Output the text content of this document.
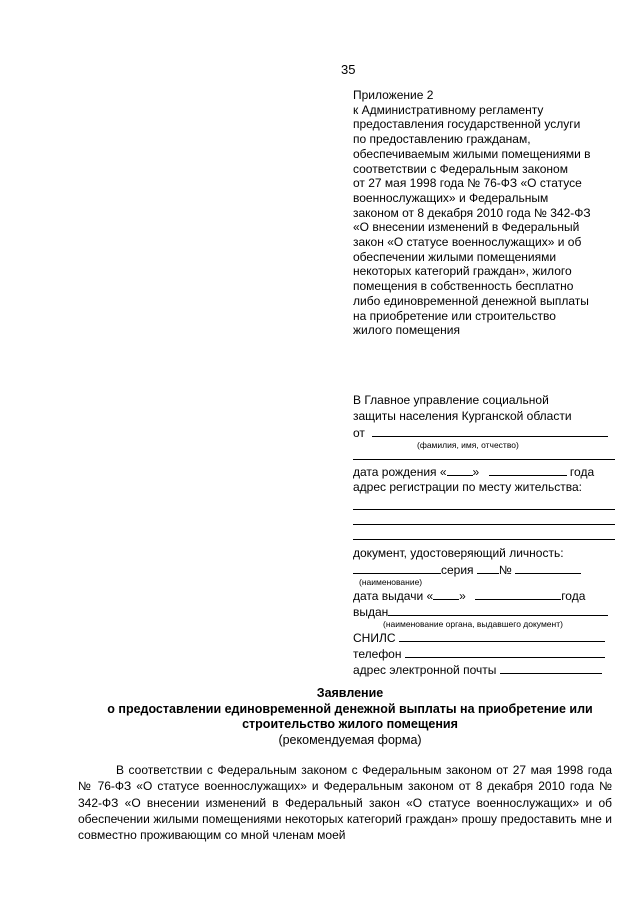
35
Приложение 2
к Административному регламенту
предоставления государственной услуги
по предоставлению гражданам,
обеспечиваемым жилыми помещениями в
соответствии с Федеральным законом
от 27 мая 1998 года № 76-ФЗ «О статусе
военнослужащих» и Федеральным
законом от 8 декабря 2010 года № 342-ФЗ
«О внесении изменений в Федеральный
закон «О статусе военнослужащих» и об
обеспечении жилыми помещениями
некоторых категорий граждан», жилого
помещения в собственность бесплатно
либо единовременной денежной выплаты
на приобретение или строительство
жилого помещения
В Главное управление социальной
защиты населения Курганской области
от
(фамилия, имя, отчество)
дата рождения « »	года
адрес регистрации по месту жительства:
документ, удостоверяющий личность:
серия №
(наименование)
дата выдачи « »	года
выдан
(наименование органа, выдавшего документ)
СНИЛС
телефон
адрес электронной почты
Заявление
о предоставлении единовременной денежной выплаты на приобретение или
строительство жилого помещения
(рекомендуемая форма)
В соответствии с Федеральным законом с Федеральным законом от 27 мая 1998 года № 76-ФЗ «О статусе военнослужащих» и Федеральным законом от 8 декабря 2010 года № 342-ФЗ «О внесении изменений в Федеральный закон «О статусе военнослужащих» и об обеспечении жилыми помещениями некоторых категорий граждан» прошу предоставить мне и совместно проживающим со мной членам моей
